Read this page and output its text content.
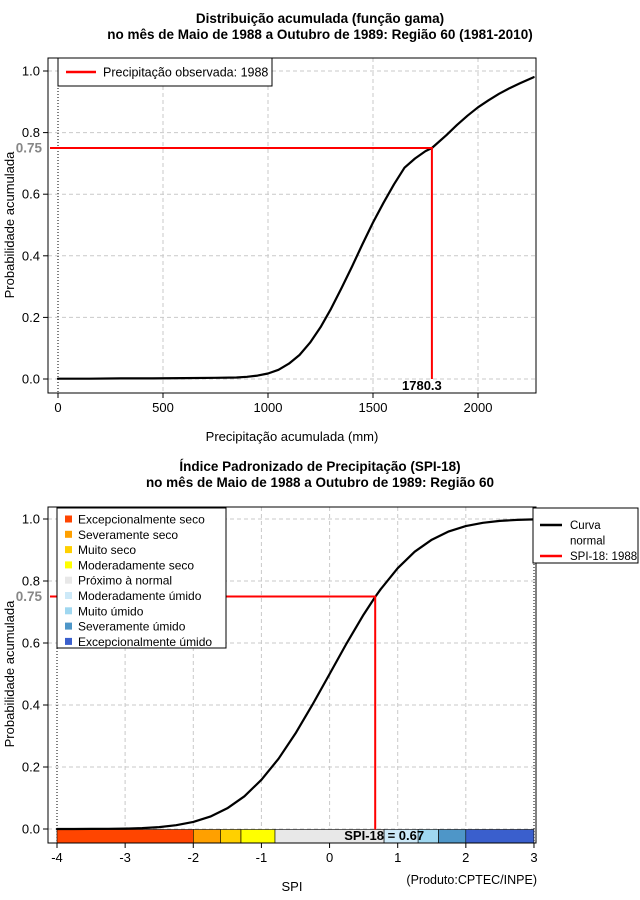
Distribuição acumulada (função gama)
no mês de Maio de 1988 a Outubro de 1989: Região 60 (1981-2010)
0.0
0.2
0.4
0.6
0.8
1.0
0.75
0	500	1000	1500	2000
Precipitação acumulada (mm)
Probabilidade acumulada
1780.3
Precipitação observada: 1988
Índice Padronizado de Precipitação (SPI-18)
no mês de Maio de 1988 a Outubro de 1989: Região 60
0.0
0.2
0.4
0.6
0.8
1.0
0.75
-4	-3	-2	-1	0	1	2	3
SPI
Probabilidade acumulada
SPI-18 = 0.67
Excepcionalmente seco
Severamente seco
Muito seco
Moderadamente seco
Próximo à normal
Moderadamente úmido
Muito úmido
Severamente úmido
Excepcionalmente úmido
Curva
normal
SPI-18: 1988
(Produto:CPTEC/INPE)
